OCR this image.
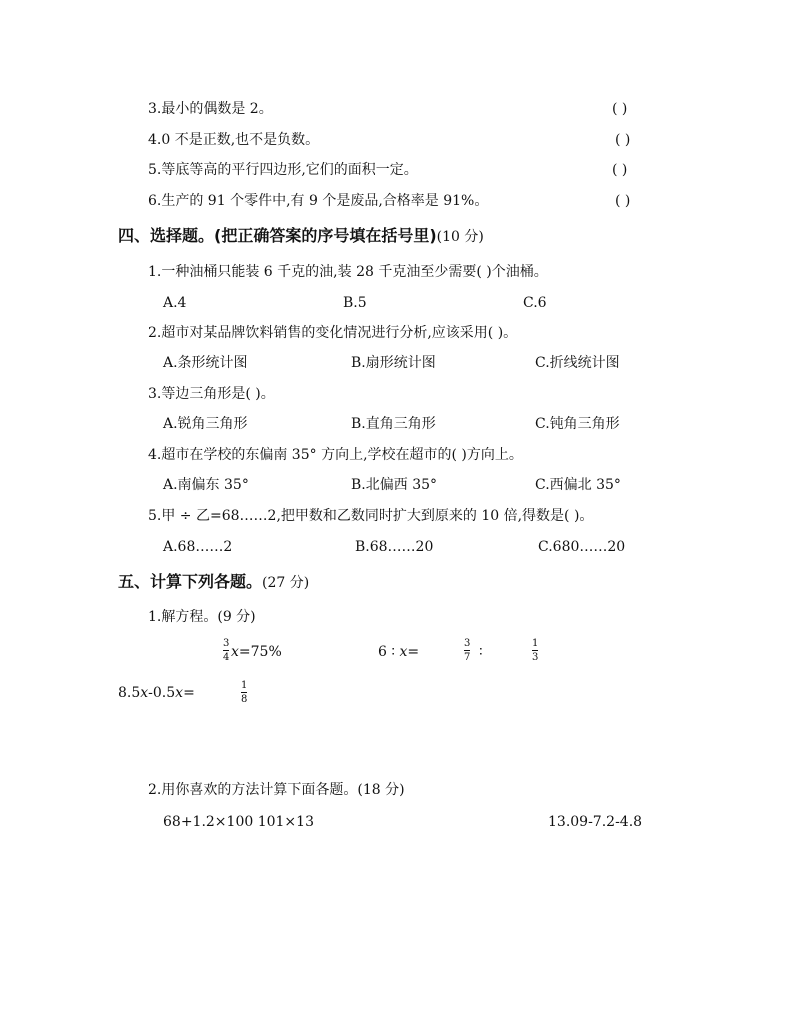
3.最小的偶数是 2。	( )
4.0 不是正数,也不是负数。	( )
5.等底等高的平行四边形,它们的面积一定。	( )
6.生产的 91 个零件中,有 9 个是废品,合格率是 91%。	( )
四、选择题。(把正确答案的序号填在括号里)(10 分)
1.一种油桶只能装 6 千克的油,装 28 千克油至少需要( )个油桶。
A.4	B.5	C.6
2.超市对某品牌饮料销售的变化情况进行分析,应该采用( )。
A.条形统计图	B.扇形统计图	C.折线统计图
3.等边三角形是( )。
A.锐角三角形	B.直角三角形	C.钝角三角形
4.超市在学校的东偏南 35° 方向上,学校在超市的( )方向上。
A.南偏东 35°	B.北偏西 35°	C.西偏北 35°
5.甲 ÷ 乙=68……2,把甲数和乙数同时扩大到原来的 10 倍,得数是( )。
A.68……2	B.68……20	C.680……20
五、计算下列各题。(27 分)
1.解方程。(9 分)
3
4 x=75%	6 ∶ x=
3
7 ∶
1
3
8.5x-0.5x=	1
8
2.用你喜欢的方法计算下面各题。(18 分)
68+1.2×100 101×13	13.09-7.2-4.8
